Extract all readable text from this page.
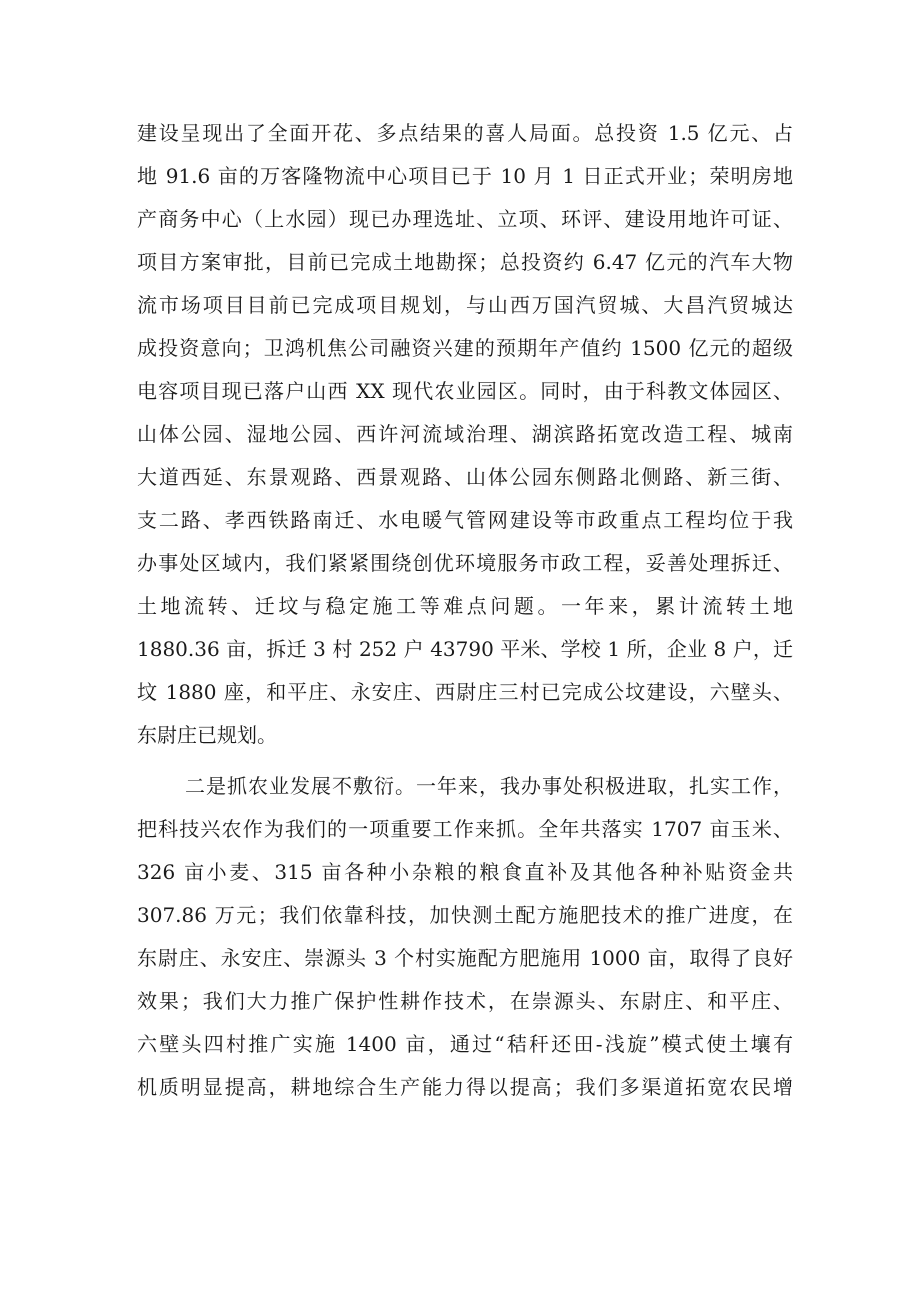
建设呈现出了全面开花、多点结果的喜人局面。总投资 1.5 亿元、占
地 91.6 亩的万客隆物流中心项目已于 10 月 1 日正式开业；荣明房地
产商务中心（上水园）现已办理选址、立项、环评、建设用地许可证、
项目方案审批，目前已完成土地勘探；总投资约 6.47 亿元的汽车大物
流市场项目目前已完成项目规划，与山西万国汽贸城、大昌汽贸城达
成投资意向；卫鸿机焦公司融资兴建的预期年产值约 1500 亿元的超级
电容项目现已落户山西 XX 现代农业园区。同时，由于科教文体园区、
山体公园、湿地公园、西许河流域治理、湖滨路拓宽改造工程、城南
大道西延、东景观路、西景观路、山体公园东侧路北侧路、新三街、
支二路、孝西铁路南迁、水电暖气管网建设等市政重点工程均位于我
办事处区域内，我们紧紧围绕创优环境服务市政工程，妥善处理拆迁、
土地流转、迁坟与稳定施工等难点问题。一年来，累计流转土地
1880.36 亩，拆迁 3 村 252 户 43790 平米、学校 1 所，企业 8 户，迁
坟 1880 座，和平庄、永安庄、西尉庄三村已完成公坟建设，六壁头、
东尉庄已规划。
二是抓农业发展不敷衍。一年来，我办事处积极进取，扎实工作，
把科技兴农作为我们的一项重要工作来抓。全年共落实 1707 亩玉米、
326 亩小麦、315 亩各种小杂粮的粮食直补及其他各种补贴资金共
307.86 万元；我们依靠科技，加快测土配方施肥技术的推广进度，在
东尉庄、永安庄、崇源头 3 个村实施配方肥施用 1000 亩，取得了良好
效果；我们大力推广保护性耕作技术，在崇源头、东尉庄、和平庄、
六壁头四村推广实施 1400 亩，通过“秸秆还田-浅旋”模式使土壤有
机质明显提高，耕地综合生产能力得以提高；我们多渠道拓宽农民增
